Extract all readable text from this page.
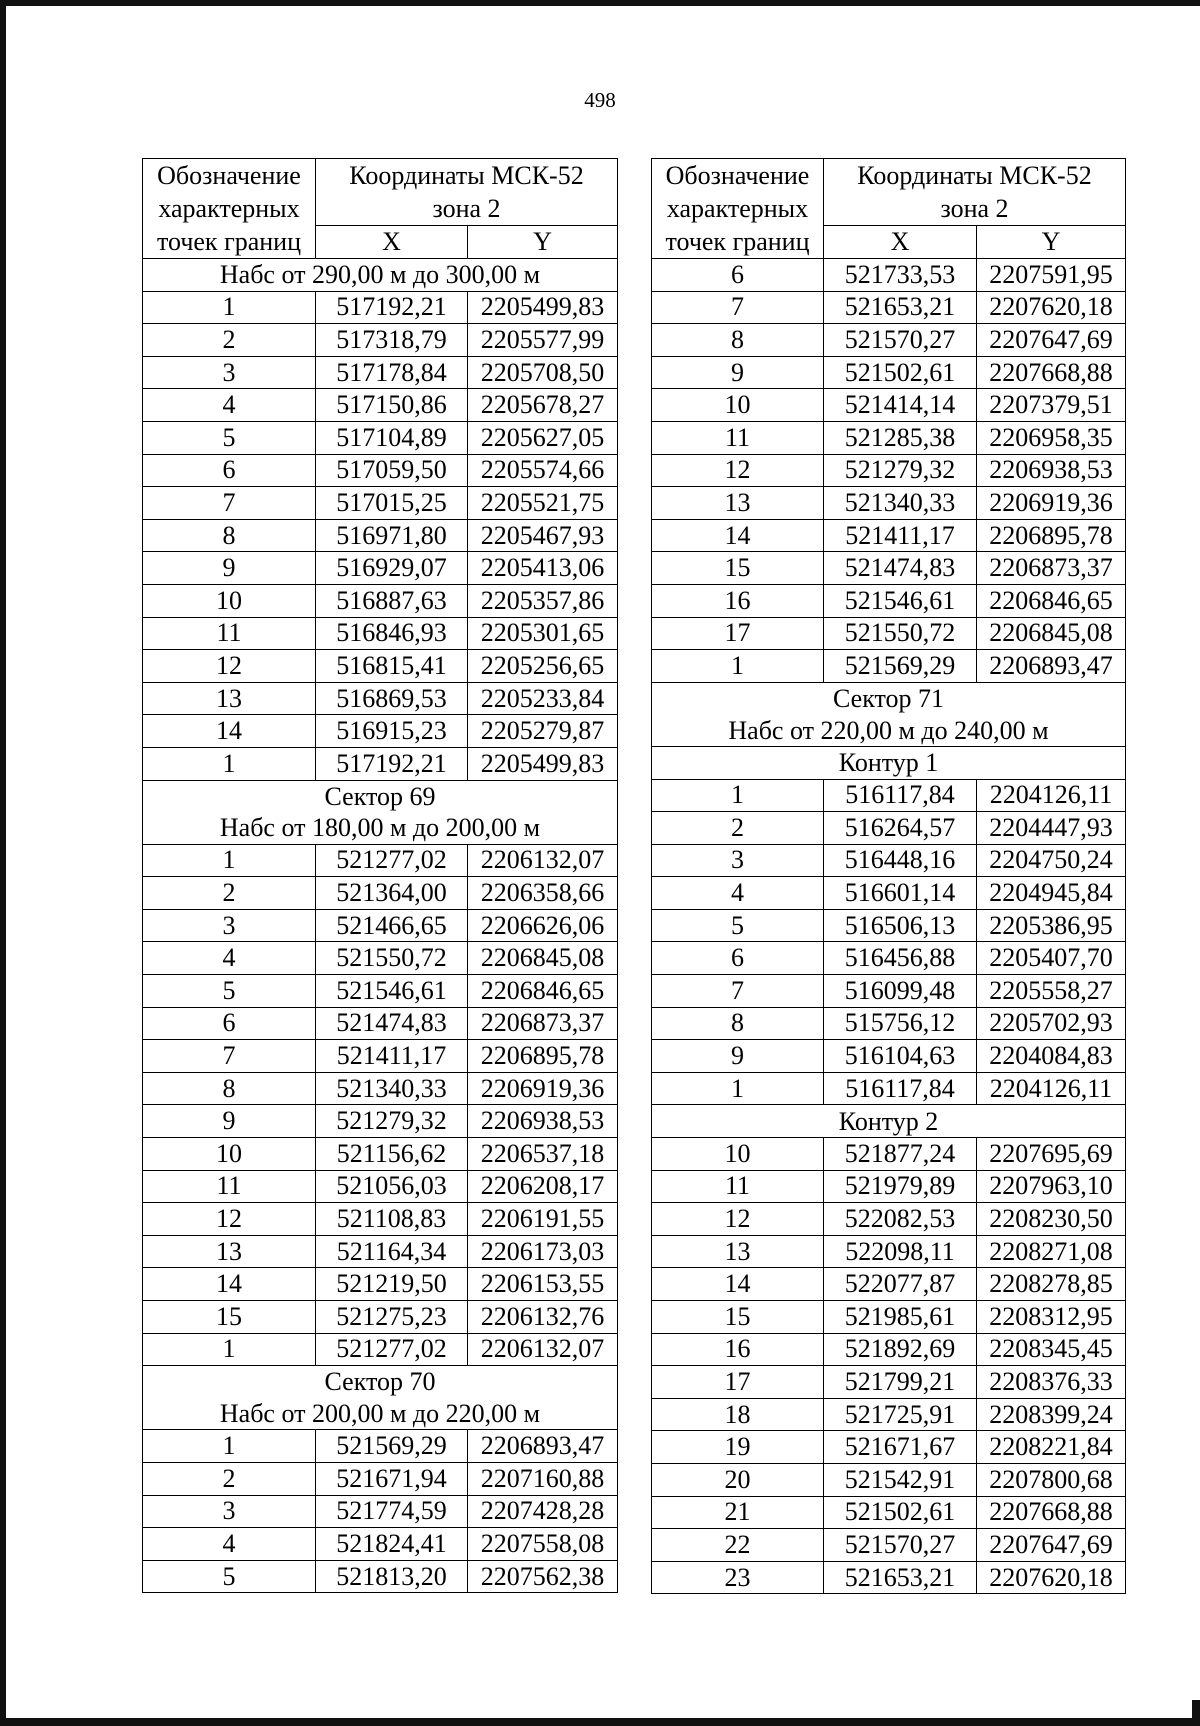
498
Обозначение
характерных
точек границ	Координаты МСК-52
зона 2	

	X	Y
Набс от 290,00 м до 300,00 м		
1	517192,21	2205499,83
2	517318,79	2205577,99
3	517178,84	2205708,50
4	517150,86	2205678,27
5	517104,89	2205627,05
6	517059,50	2205574,66
7	517015,25	2205521,75
8	516971,80	2205467,93
9	516929,07	2205413,06
10	516887,63	2205357,86
11	516846,93	2205301,65
12	516815,41	2205256,65
13	516869,53	2205233,84
14	516915,23	2205279,87
1	517192,21	2205499,83
Сектор 69		
Набс от 180,00 м до 200,00 м		
1	521277,02	2206132,07
2	521364,00	2206358,66
3	521466,65	2206626,06
4	521550,72	2206845,08
5	521546,61	2206846,65
6	521474,83	2206873,37
7	521411,17	2206895,78
8	521340,33	2206919,36
9	521279,32	2206938,53
10	521156,62	2206537,18
11	521056,03	2206208,17
12	521108,83	2206191,55
13	521164,34	2206173,03
14	521219,50	2206153,55
15	521275,23	2206132,76
1	521277,02	2206132,07
Сектор 70		
Набс от 200,00 м до 220,00 м		
1	521569,29	2206893,47
2	521671,94	2207160,88
3	521774,59	2207428,28
4	521824,41	2207558,08
5	521813,20	2207562,38
Обозначение
характерных
точек границ	Координаты МСК-52
зона 2	

	X	Y
6	521733,53	2207591,95
7	521653,21	2207620,18
8	521570,27	2207647,69
9	521502,61	2207668,88
10	521414,14	2207379,51
11	521285,38	2206958,35
12	521279,32	2206938,53
13	521340,33	2206919,36
14	521411,17	2206895,78
15	521474,83	2206873,37
16	521546,61	2206846,65
17	521550,72	2206845,08
1	521569,29	2206893,47
Сектор 71		
Набс от 220,00 м до 240,00 м		
Контур 1		
1	516117,84	2204126,11
2	516264,57	2204447,93
3	516448,16	2204750,24
4	516601,14	2204945,84
5	516506,13	2205386,95
6	516456,88	2205407,70
7	516099,48	2205558,27
8	515756,12	2205702,93
9	516104,63	2204084,83
1	516117,84	2204126,11
Контур 2		
10	521877,24	2207695,69
11	521979,89	2207963,10
12	522082,53	2208230,50
13	522098,11	2208271,08
14	522077,87	2208278,85
15	521985,61	2208312,95
16	521892,69	2208345,45
17	521799,21	2208376,33
18	521725,91	2208399,24
19	521671,67	2208221,84
20	521542,91	2207800,68
21	521502,61	2207668,88
22	521570,27	2207647,69
23	521653,21	2207620,18
